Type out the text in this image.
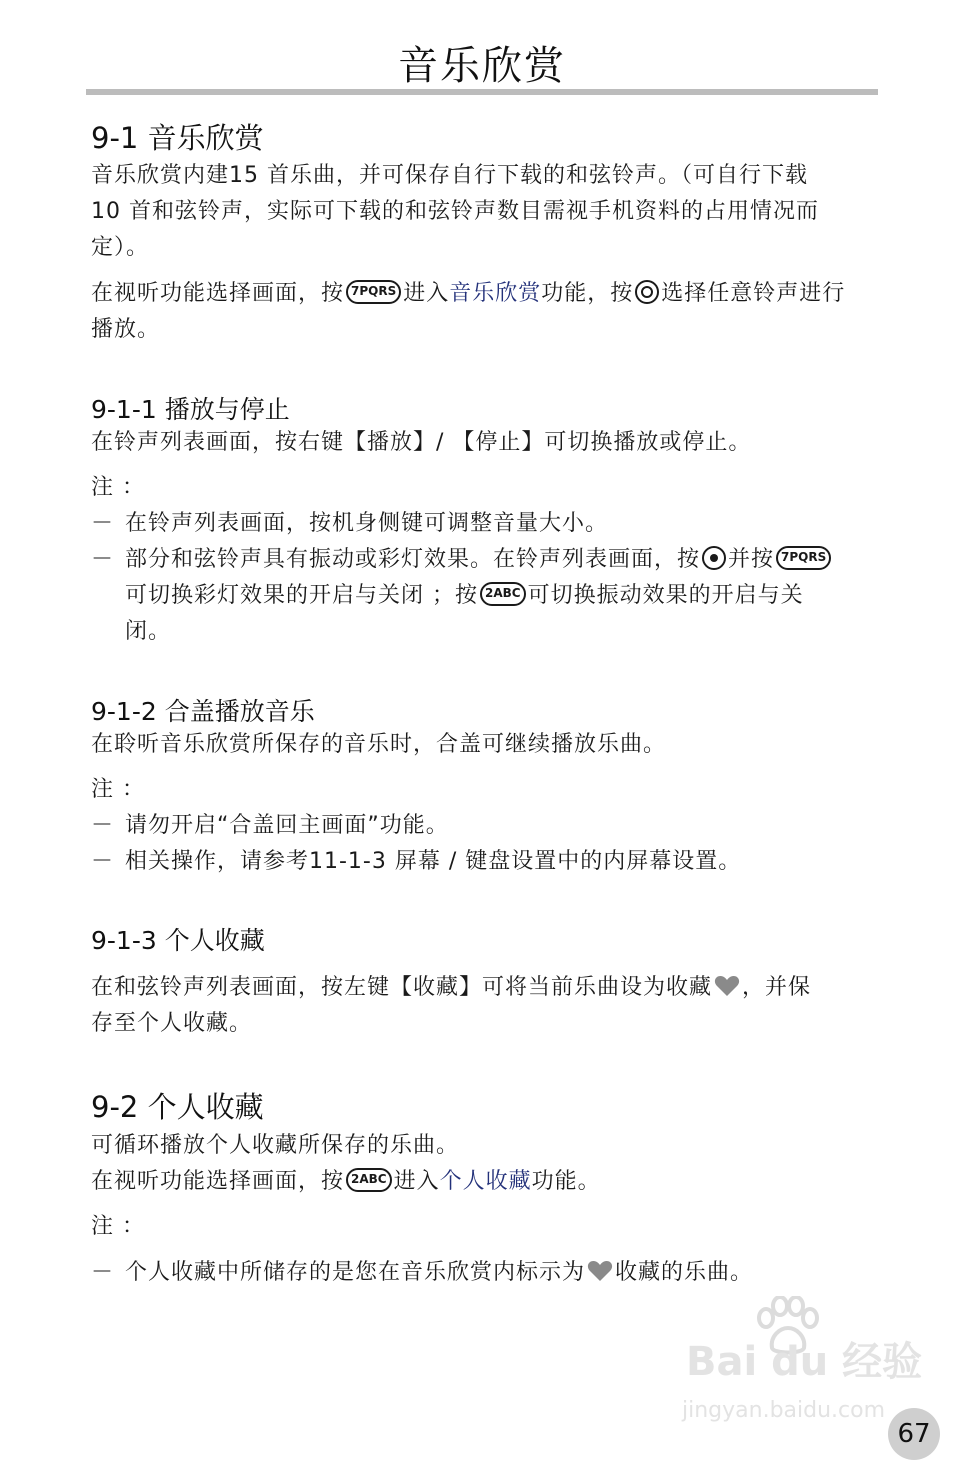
音乐欣赏
9-1 音乐欣赏
音乐欣赏内建15 首乐曲，并可保存自行下载的和弦铃声。（可自行下载
10 首和弦铃声，实际可下载的和弦铃声数目需视手机资料的占用情况而
定）。
在视听功能选择画面，按 7PQRS 进入音乐欣赏功能，按 选择任意铃声进行
播放。
9-1-1 播放与停止
在铃声列表画面，按右键【播放】/ 【停止】可切换播放或停止。
注 ：
－ 在铃声列表画面，按机身侧键可调整音量大小。
－ 部分和弦铃声具有振动或彩灯效果。在铃声列表画面，按 并按 7PQRS
可切换彩灯效果的开启与关闭 ；按 2ABC 可切换振动效果的开启与关
闭。
9-1-2 合盖播放音乐
在聆听音乐欣赏所保存的音乐时，合盖可继续播放乐曲。
注 ：
－ 请勿开启“合盖回主画面”功能。
－ 相关操作，请参考11-1-3 屏幕 / 键盘设置中的内屏幕设置。
9-1-3 个人收藏
在和弦铃声列表画面，按左键【收藏】可将当前乐曲设为收藏 ，并保
存至个人收藏。
9-2 个人收藏
可循环播放个人收藏所保存的乐曲。
在视听功能选择画面，按 2ABC 进入个人收藏功能。
注 ：
－ 个人收藏中所储存的是您在音乐欣赏内标示为 收藏的乐曲。
Bai du 经验
jingyan.baidu.com
67
